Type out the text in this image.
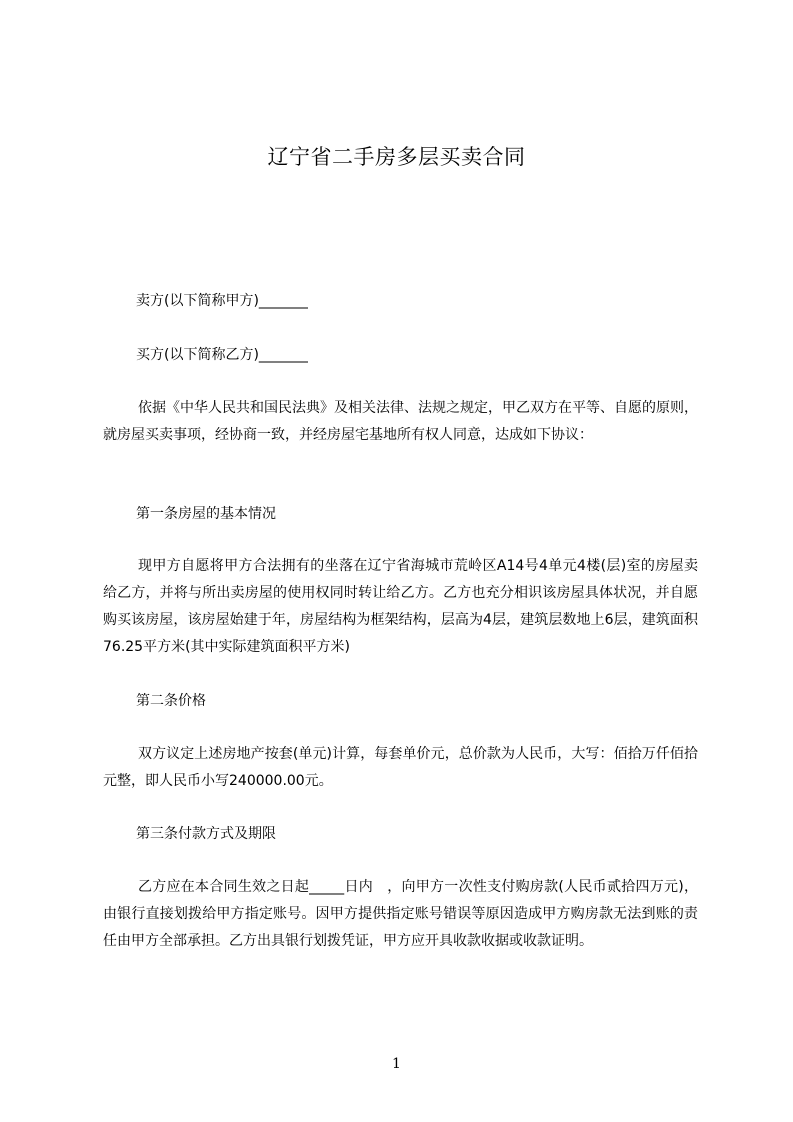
辽宁省二手房多层买卖合同
卖方(以下简称甲方)_______
买方(以下简称乙方)_______
依据《中华人民共和国民法典》及相关法律、法规之规定，甲乙双方在平等、自愿的原则，就房屋买卖事项，经协商一致，并经房屋宅基地所有权人同意，达成如下协议：
第一条房屋的基本情况
现甲方自愿将甲方合法拥有的坐落在辽宁省海城市荒岭区A14号4单元4楼(层)室的房屋卖给乙方，并将与所出卖房屋的使用权同时转让给乙方。乙方也充分相识该房屋具体状况，并自愿购买该房屋，该房屋始建于年，房屋结构为框架结构，层高为4层，建筑层数地上6层，建筑面积76.25平方米(其中实际建筑面积平方米)
第二条价格
双方议定上述房地产按套(单元)计算，每套单价元，总价款为人民币，大写：佰拾万仟佰拾元整，即人民币小写240000.00元。
第三条付款方式及期限
乙方应在本合同生效之日起_____日内　，向甲方一次性支付购房款(人民币贰拾四万元)，由银行直接划拨给甲方指定账号。因甲方提供指定账号错误等原因造成甲方购房款无法到账的责任由甲方全部承担。乙方出具银行划拨凭证，甲方应开具收款收据或收款证明。
1
